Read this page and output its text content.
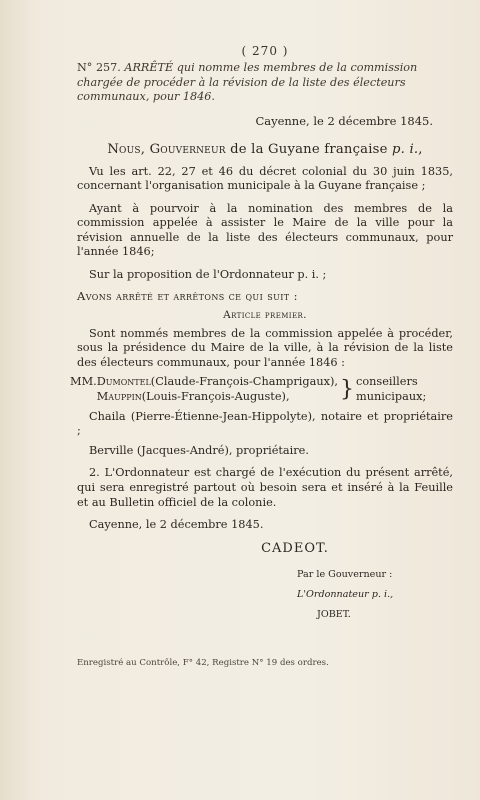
( 270 )

N° 257. ARRÊTÉ qui nomme les membres de la commission chargée de procéder à la révision de la liste des électeurs communaux, pour 1846.

Cayenne, le 2 décembre 1845.
Nous, Gouverneur de la Guyane française p. i.,

Vu les art. 22, 27 et 46 du décret colonial du 30 juin 1835, concernant l'organisation municipale à la Guyane française ;

Ayant à pourvoir à la nomination des membres de la commission appelée à assister le Maire de la ville pour la révision annuelle de la liste des électeurs communaux, pour l'année 1846;

Sur la proposition de l'Ordonnateur p. i. ;

Avons arrêté et arrêtons ce qui suit :
Article premier.

Sont nommés membres de la commission appelée à procéder, sous la présidence du Maire de la ville, à la révision de la liste des électeurs communaux, pour l'année 1846 :

MM.	Dumontel(Claude-François-Champrigaux),	}	conseillers
	Mauppin(Louis-François-Auguste),		municipaux;

Chaila (Pierre-Étienne-Jean-Hippolyte), notaire et propriétaire ;

Berville (Jacques-André), propriétaire.

2. L'Ordonnateur est chargé de l'exécution du présent arrêté, qui sera enregistré partout où besoin sera et inséré à la Feuille et au Bulletin officiel de la colonie.

Cayenne, le 2 décembre 1845.

CADEOT.
Par le Gouverneur :
L'Ordonnateur p. i.,
JOBET.
Enregistré au Contrôle, F° 42, Registre N° 19 des ordres.
